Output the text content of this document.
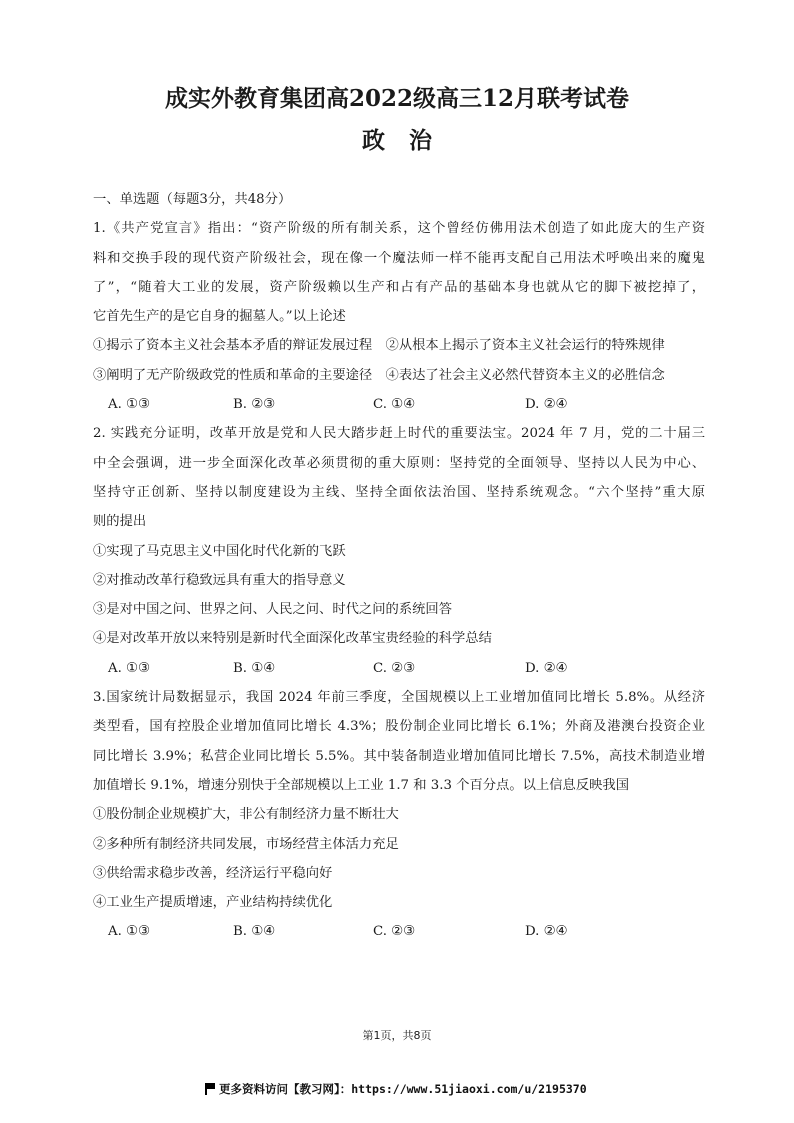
成实外教育集团高2022级高三12月联考试卷
政治
一、单选题（每题3分，共48分）
1.《共产党宣言》指出：“资产阶级的所有制关系，这个曾经仿佛用法术创造了如此庞大的生产资
料和交换手段的现代资产阶级社会，现在像一个魔法师一样不能再支配自己用法术呼唤出来的魔鬼
了”，“随着大工业的发展，资产阶级赖以生产和占有产品的基础本身也就从它的脚下被挖掉了，
它首先生产的是它自身的掘墓人。”以上论述
①揭示了资本主义社会基本矛盾的辩证发展过程　②从根本上揭示了资本主义社会运行的特殊规律
③阐明了无产阶级政党的性质和革命的主要途径　④表达了社会主义必然代替资本主义的必胜信念
A. ①③	B. ②③	C. ①④	D. ②④
2. 实践充分证明，改革开放是党和人民大踏步赶上时代的重要法宝。2024 年 7 月，党的二十届三
中全会强调，进一步全面深化改革必须贯彻的重大原则：坚持党的全面领导、坚持以人民为中心、
坚持守正创新、坚持以制度建设为主线、坚持全面依法治国、坚持系统观念。“六个坚持”重大原
则的提出
①实现了马克思主义中国化时代化新的飞跃
②对推动改革行稳致远具有重大的指导意义
③是对中国之问、世界之问、人民之问、时代之问的系统回答
④是对改革开放以来特别是新时代全面深化改革宝贵经验的科学总结
A. ①③	B. ①④	C. ②③	D. ②④
3.国家统计局数据显示，我国 2024 年前三季度，全国规模以上工业增加值同比增长 5.8%。从经济
类型看，国有控股企业增加值同比增长 4.3%；股份制企业同比增长 6.1%；外商及港澳台投资企业
同比增长 3.9%；私营企业同比增长 5.5%。其中装备制造业增加值同比增长 7.5%，高技术制造业增
加值增长 9.1%，增速分别快于全部规模以上工业 1.7 和 3.3 个百分点。以上信息反映我国
①股份制企业规模扩大，非公有制经济力量不断壮大
②多种所有制经济共同发展，市场经营主体活力充足
③供给需求稳步改善，经济运行平稳向好
④工业生产提质增速，产业结构持续优化
A. ①③	B. ①④	C. ②③	D. ②④
第1页，共8页
更多资料访问【教习网】：https://www.51jiaoxi.com/u/2195370
